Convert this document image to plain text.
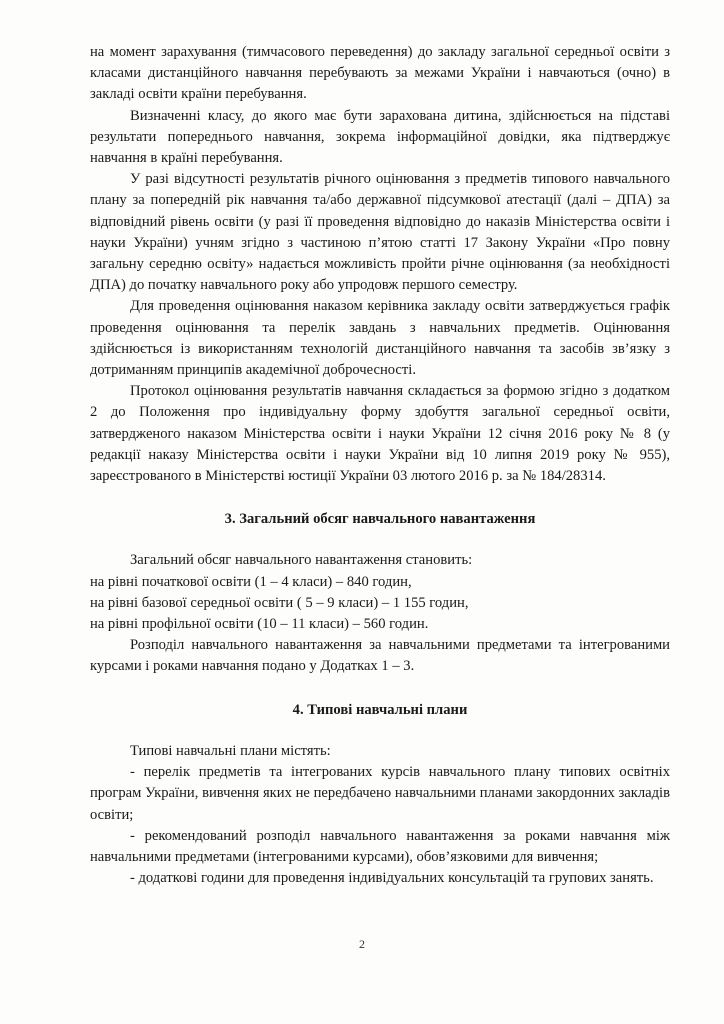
на момент зарахування (тимчасового переведення) до закладу загальної середньої освіти з класами дистанційного навчання перебувають за межами України і навчаються (очно) в закладі освіти країни перебування.

Визначенні класу, до якого має бути зарахована дитина, здійснюється на підставі результати попереднього навчання, зокрема інформаційної довідки, яка підтверджує навчання в країні перебування.

У разі відсутності результатів річного оцінювання з предметів типового навчального плану за попередній рік навчання та/або державної підсумкової атестації (далі – ДПА) за відповідний рівень освіти (у разі її проведення відповідно до наказів Міністерства освіти і науки України) учням згідно з частиною п’ятою статті 17 Закону України «Про повну загальну середню освіту» надається можливість пройти річне оцінювання (за необхідності ДПА) до початку навчального року або упродовж першого семестру.

Для проведення оцінювання наказом керівника закладу освіти затверджується графік проведення оцінювання та перелік завдань з навчальних предметів. Оцінювання здійснюється із використанням технологій дистанційного навчання та засобів зв’язку з дотриманням принципів академічної доброчесності.

Протокол оцінювання результатів навчання складається за формою згідно з додатком 2 до Положення про індивідуальну форму здобуття загальної середньої освіти, затвердженого наказом Міністерства освіти і науки України 12 січня 2016 року № 8 (у редакції наказу Міністерства освіти і науки України від 10 липня 2019 року № 955), зареєстрованого в Міністерстві юстиції України 03 лютого 2016 р. за № 184/28314.

3. Загальний обсяг навчального навантаження

Загальний обсяг навчального навантаження становить:

на рівні початкової освіти (1 – 4 класи) – 840 годин,

на рівні базової середньої освіти ( 5 – 9 класи) – 1 155 годин,

на рівні профільної освіти (10 – 11 класи) – 560 годин.

Розподіл навчального навантаження за навчальними предметами та інтегрованими курсами і роками навчання подано у Додатках 1 – 3.

4. Типові навчальні плани

Типові навчальні плани містять:

- перелік предметів та інтегрованих курсів навчального плану типових освітніх програм України, вивчення яких не передбачено навчальними планами закордонних закладів освіти;

- рекомендований розподіл навчального навантаження за роками навчання між навчальними предметами (інтегрованими курсами), обов’язковими для вивчення;

- додаткові години для проведення індивідуальних консультацій та групових занять.

2
